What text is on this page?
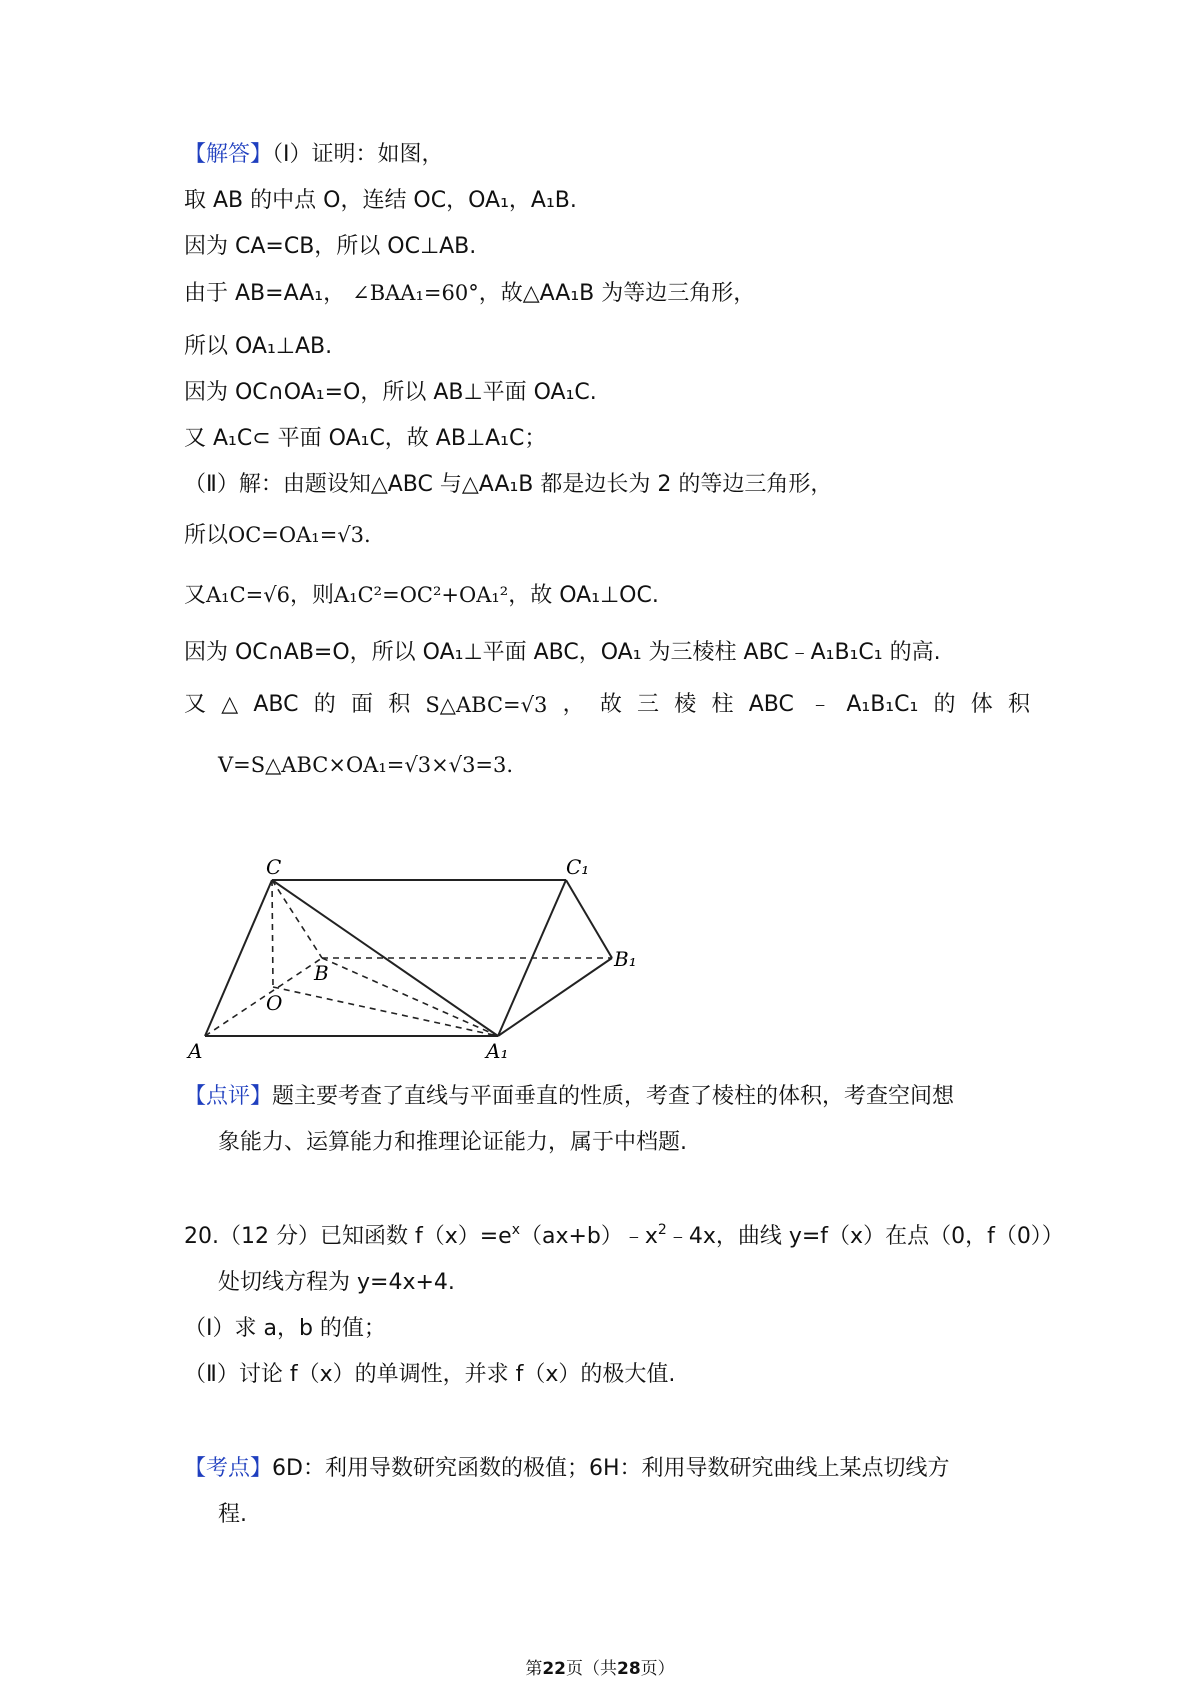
【解答】（Ⅰ）证明：如图，
取 AB 的中点 O，连结 OC，OA₁，A₁B.
因为 CA=CB，所以 OC⊥AB.
由于 AB=AA₁， ∠BAA₁=60°，故△AA₁B 为等边三角形，
所以 OA₁⊥AB.
因为 OC∩OA₁=O，所以 AB⊥平面 OA₁C.
又 A₁C⊂ 平面 OA₁C，故 AB⊥A₁C；
（Ⅱ）解：由题设知△ABC 与△AA₁B 都是边长为 2 的等边三角形，
所以OC=OA₁=√3.
又A₁C=√6，则A₁C²=OC²+OA₁²，故 OA₁⊥OC.
因为 OC∩AB=O，所以 OA₁⊥平面 ABC，OA₁ 为三棱柱 ABC﹣A₁B₁C₁ 的高.
又 △ ABC 的 面 积 S△ABC=√3 ， 故 三 棱 柱 ABC ﹣ A₁B₁C₁ 的 体 积
V=S△ABC×OA₁=√3×√3=3.
C	C₁
B
B₁
O
A	A₁
【点评】题主要考查了直线与平面垂直的性质，考查了棱柱的体积，考查空间想
象能力、运算能力和推理论证能力，属于中档题.
20.（12 分）已知函数 $f(x)=e^x(ax+b)﹣x^2﹣4x$，曲线 y=f（x）在点（0，f（0））
处切线方程为 y=4x+4.
（Ⅰ）求 a，b 的值；
（Ⅱ）讨论 f（x）的单调性，并求 f（x）的极大值.
【考点】6D：利用导数研究函数的极值；6H：利用导数研究曲线上某点切线方
程.
第22页（共28页）
